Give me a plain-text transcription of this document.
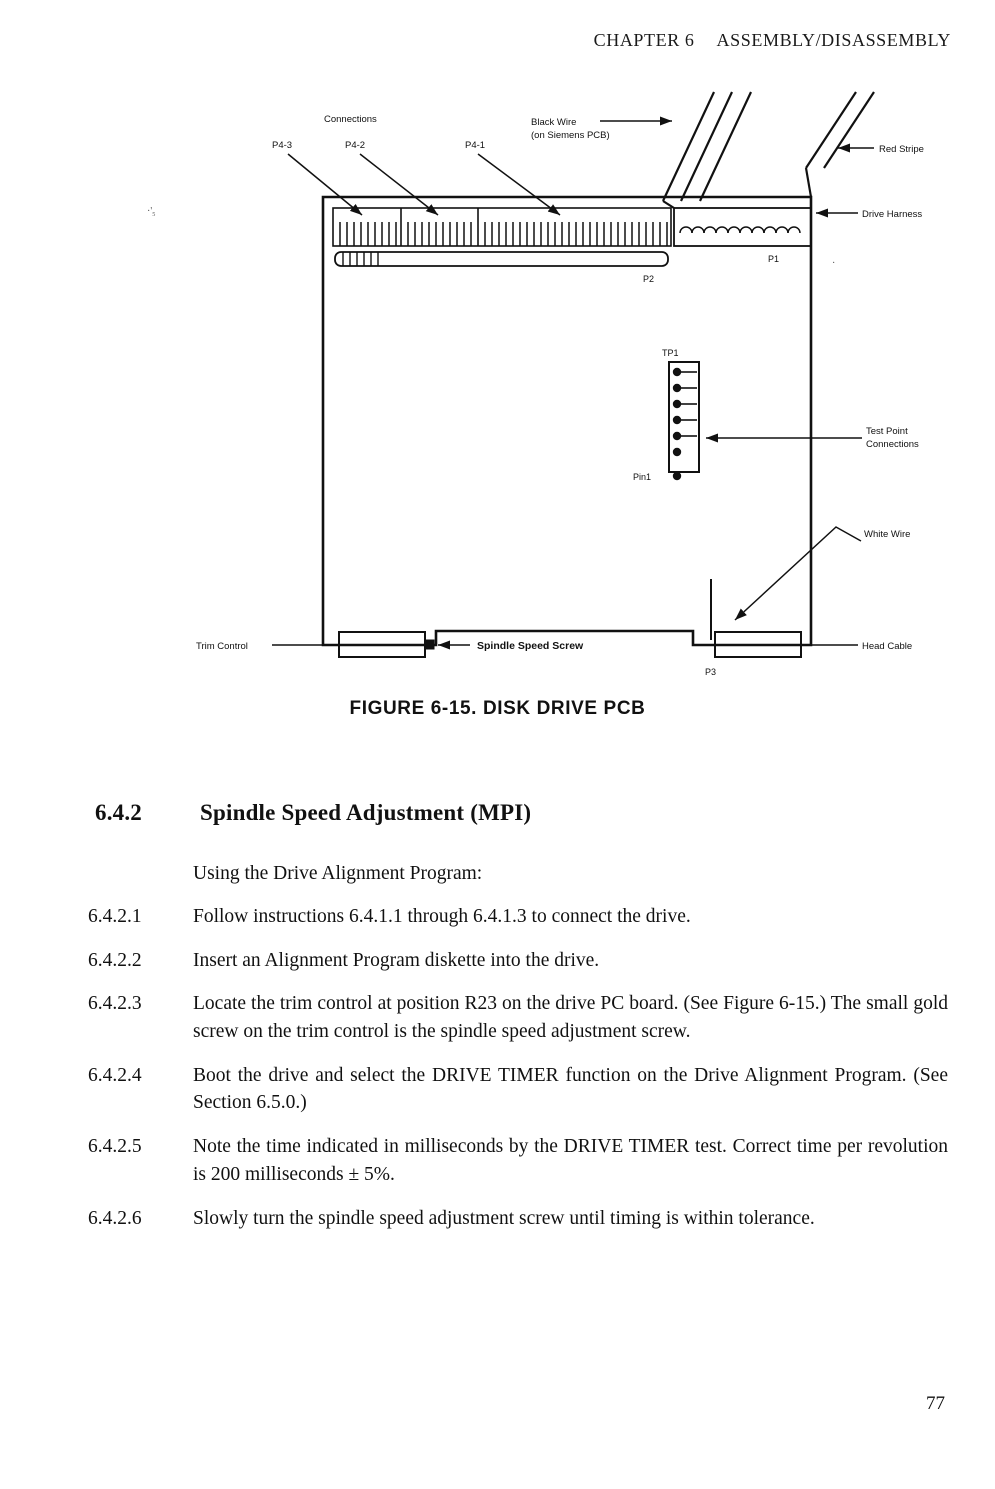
CHAPTER 6 ASSEMBLY/DISASSEMBLY
·'₅
·
P2
P1
TP1
Pin1
P3
Connections
P4-3	P4-2	P4-1
Black Wire
(on Siemens PCB)
Red Stripe
Drive Harness
Test Point
Connections
White Wire
Trim Control	Spindle Speed Screw	Head Cable
FIGURE 6-15. DISK DRIVE PCB
6.4.2	Spindle Speed Adjustment (MPI)
Using the Drive Alignment Program:
6.4.2.1	Follow instructions 6.4.1.1 through 6.4.1.3 to connect the drive.
6.4.2.2	Insert an Alignment Program diskette into the drive.
6.4.2.3	Locate the trim control at position R23 on the drive PC board. (See Figure 6-15.) The small gold screw on the trim control is the spindle speed adjustment screw.
6.4.2.4	Boot the drive and select the DRIVE TIMER function on the Drive Alignment Program. (See Section 6.5.0.)
6.4.2.5	Note the time indicated in milliseconds by the DRIVE TIMER test. Correct time per revolution is 200 milliseconds ± 5%.
6.4.2.6	Slowly turn the spindle speed adjustment screw until timing is within tolerance.
77
